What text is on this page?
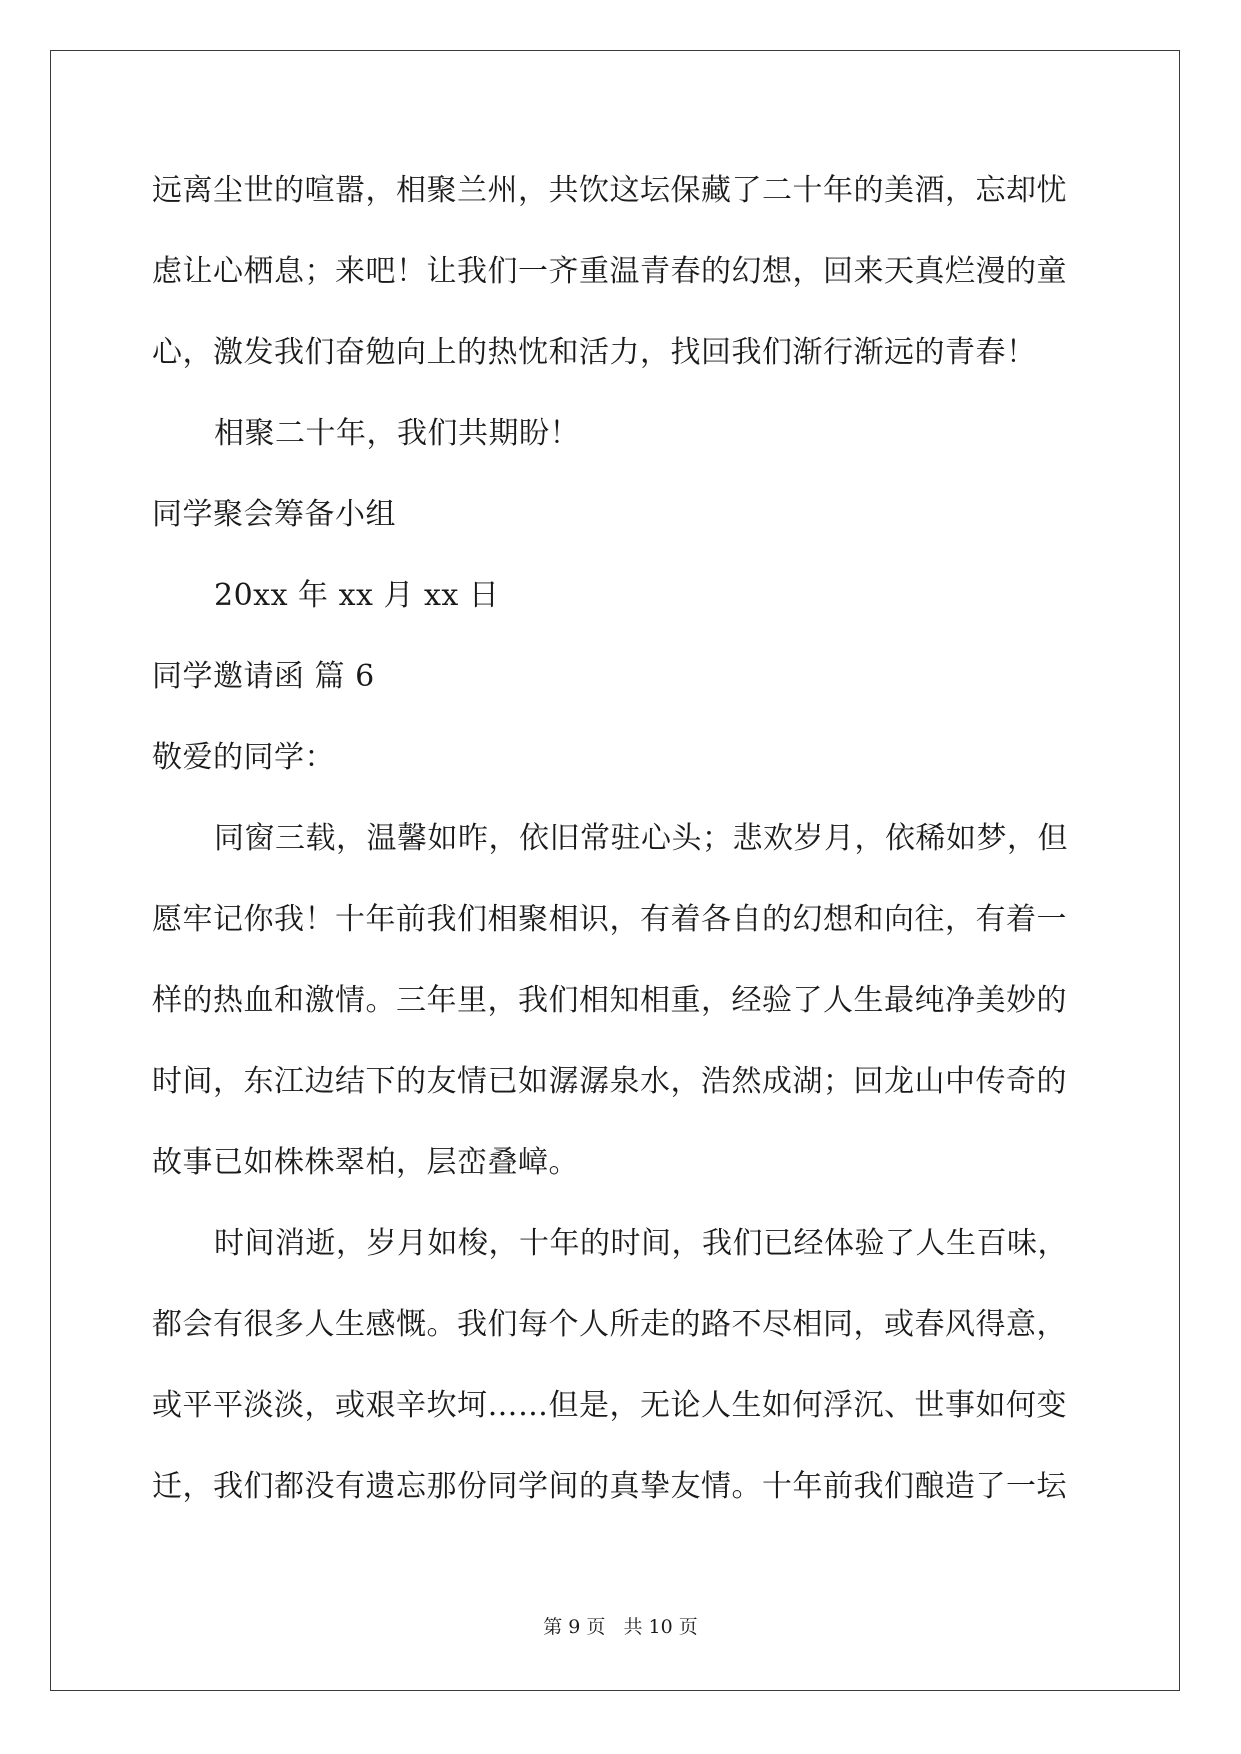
远离尘世的喧嚣，相聚兰州，共饮这坛保藏了二十年的美酒，忘却忧
虑让心栖息；来吧！让我们一齐重温青春的幻想，回来天真烂漫的童
心，激发我们奋勉向上的热忱和活力，找回我们渐行渐远的青春！
相聚二十年，我们共期盼！
同学聚会筹备小组
20xx 年 xx 月 xx 日
同学邀请函 篇 6
敬爱的同学：
同窗三载，温馨如昨，依旧常驻心头；悲欢岁月，依稀如梦，但
愿牢记你我！十年前我们相聚相识，有着各自的幻想和向往，有着一
样的热血和激情。三年里，我们相知相重，经验了人生最纯净美妙的
时间，东江边结下的友情已如潺潺泉水，浩然成湖；回龙山中传奇的
故事已如株株翠柏，层峦叠嶂。
时间消逝，岁月如梭，十年的时间，我们已经体验了人生百味，
都会有很多人生感慨。我们每个人所走的路不尽相同，或春风得意，
或平平淡淡，或艰辛坎坷……但是，无论人生如何浮沉、世事如何变
迁，我们都没有遗忘那份同学间的真挚友情。十年前我们酿造了一坛
第 9 页 共 10 页
